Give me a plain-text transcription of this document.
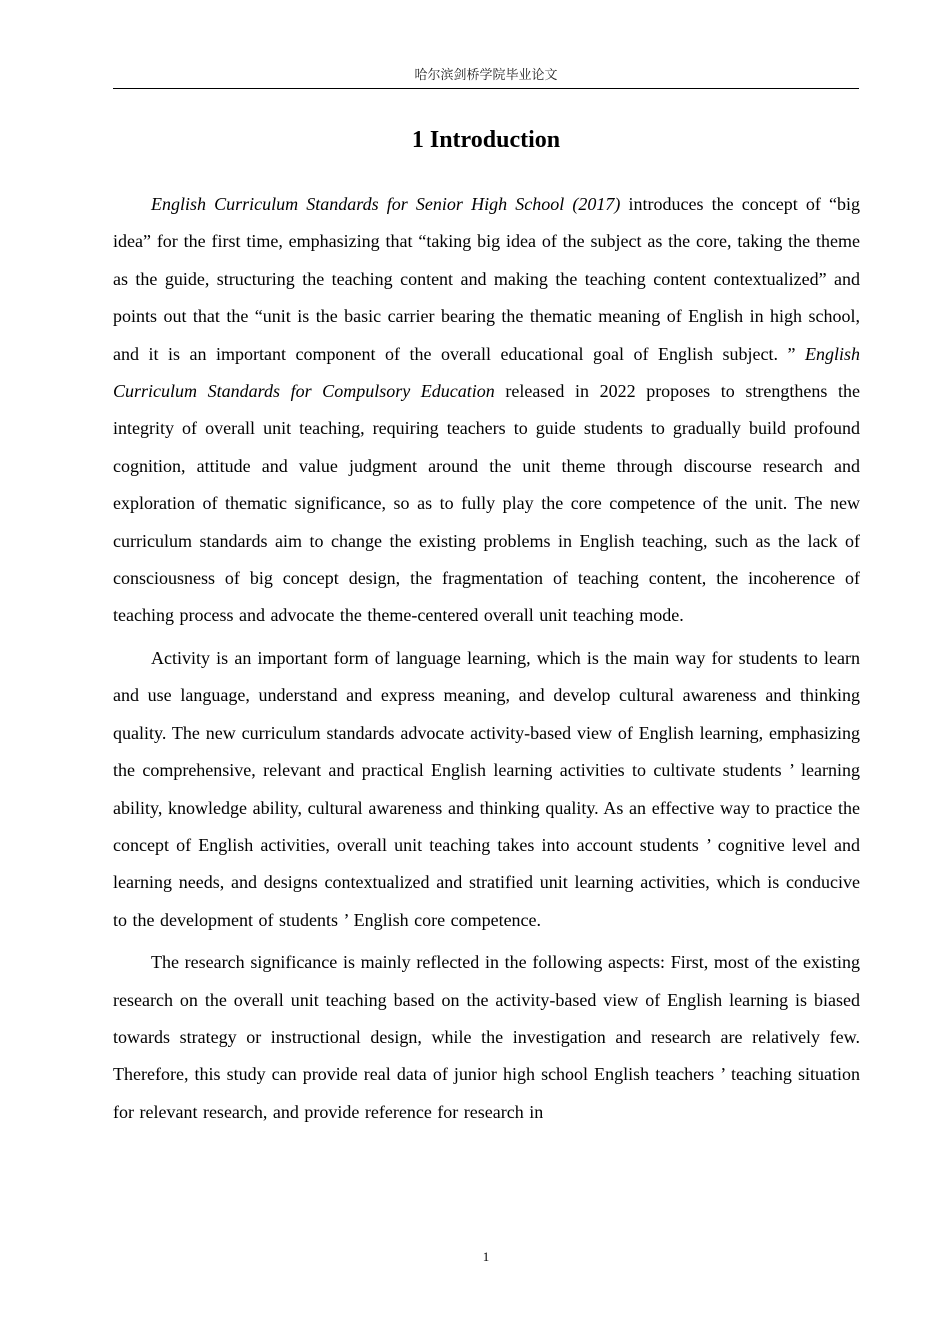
哈尔滨剑桥学院毕业论文
1 Introduction

English Curriculum Standards for Senior High School (2017) introduces the concept of “big idea” for the first time, emphasizing that “taking big idea of the subject as the core, taking the theme as the guide, structuring the teaching content and making the teaching content contextualized” and points out that the “unit is the basic carrier bearing the thematic meaning of English in high school, and it is an important component of the overall educational goal of English subject. ” English Curriculum Standards for Compulsory Education released in 2022 proposes to strengthens the integrity of overall unit teaching, requiring teachers to guide students to gradually build profound cognition, attitude and value judgment around the unit theme through discourse research and exploration of thematic significance, so as to fully play the core competence of the unit. The new curriculum standards aim to change the existing problems in English teaching, such as the lack of consciousness of big concept design, the fragmentation of teaching content, the incoherence of teaching process and advocate the theme-centered overall unit teaching mode.

Activity is an important form of language learning, which is the main way for students to learn and use language, understand and express meaning, and develop cultural awareness and thinking quality. The new curriculum standards advocate activity-based view of English learning, emphasizing the comprehensive, relevant and practical English learning activities to cultivate students ’ learning ability, knowledge ability, cultural awareness and thinking quality. As an effective way to practice the concept of English activities, overall unit teaching takes into account students ’ cognitive level and learning needs, and designs contextualized and stratified unit learning activities, which is conducive to the development of students ’ English core competence.

The research significance is mainly reflected in the following aspects: First, most of the existing research on the overall unit teaching based on the activity-based view of English learning is biased towards strategy or instructional design, while the investigation and research are relatively few. Therefore, this study can provide real data of junior high school English teachers ’ teaching situation for relevant research, and provide reference for research in

1
